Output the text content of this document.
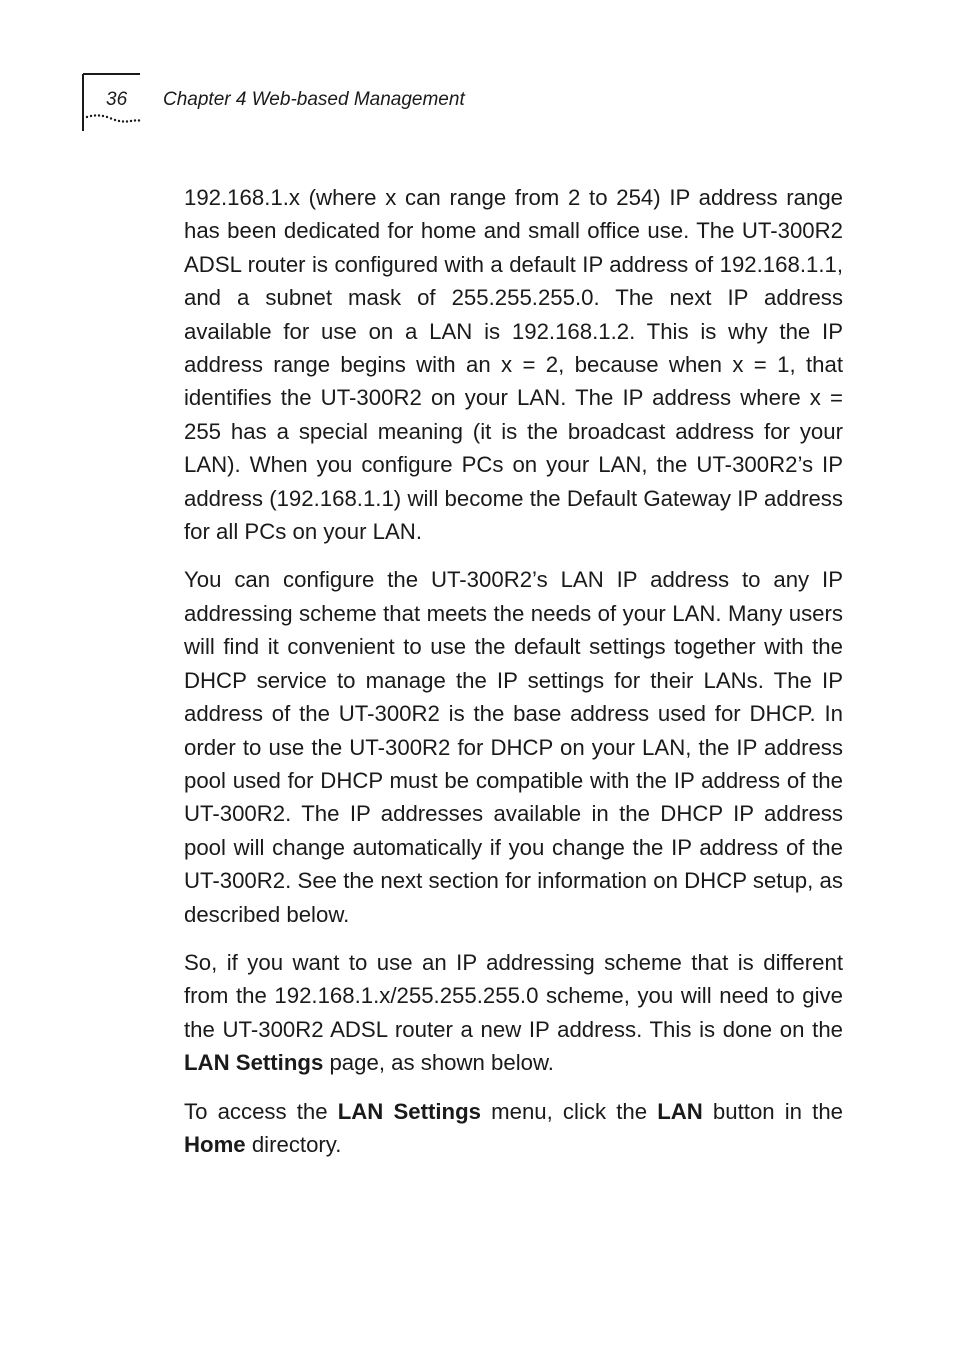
36 Chapter 4 Web-based Management

192.168.1.x (where x can range from 2 to 254) IP address range has been dedicated for home and small office use. The UT-300R2 ADSL router is configured with a default IP address of 192.168.1.1, and a subnet mask of 255.255.255.0. The next IP address available for use on a LAN is 192.168.1.2. This is why the IP address range begins with an x = 2, because when x = 1, that identifies the UT-300R2 on your LAN. The IP address where x = 255 has a special meaning (it is the broadcast address for your LAN). When you configure PCs on your LAN, the UT-300R2’s IP address (192.168.1.1) will become the Default Gateway IP address for all PCs on your LAN.

You can configure the UT-300R2’s LAN IP address to any IP addressing scheme that meets the needs of your LAN. Many users will find it convenient to use the default settings together with the DHCP service to manage the IP settings for their LANs. The IP address of the UT-300R2 is the base address used for DHCP. In order to use the UT-300R2 for DHCP on your LAN, the IP address pool used for DHCP must be compatible with the IP address of the UT-300R2. The IP addresses available in the DHCP IP address pool will change automatically if you change the IP address of the UT-300R2. See the next section for information on DHCP setup, as described below.

So, if you want to use an IP addressing scheme that is different from the 192.168.1.x/255.255.255.0 scheme, you will need to give the UT-300R2 ADSL router a new IP address. This is done on the LAN Settings page, as shown below.

To access the LAN Settings menu, click the LAN button in the Home directory.
